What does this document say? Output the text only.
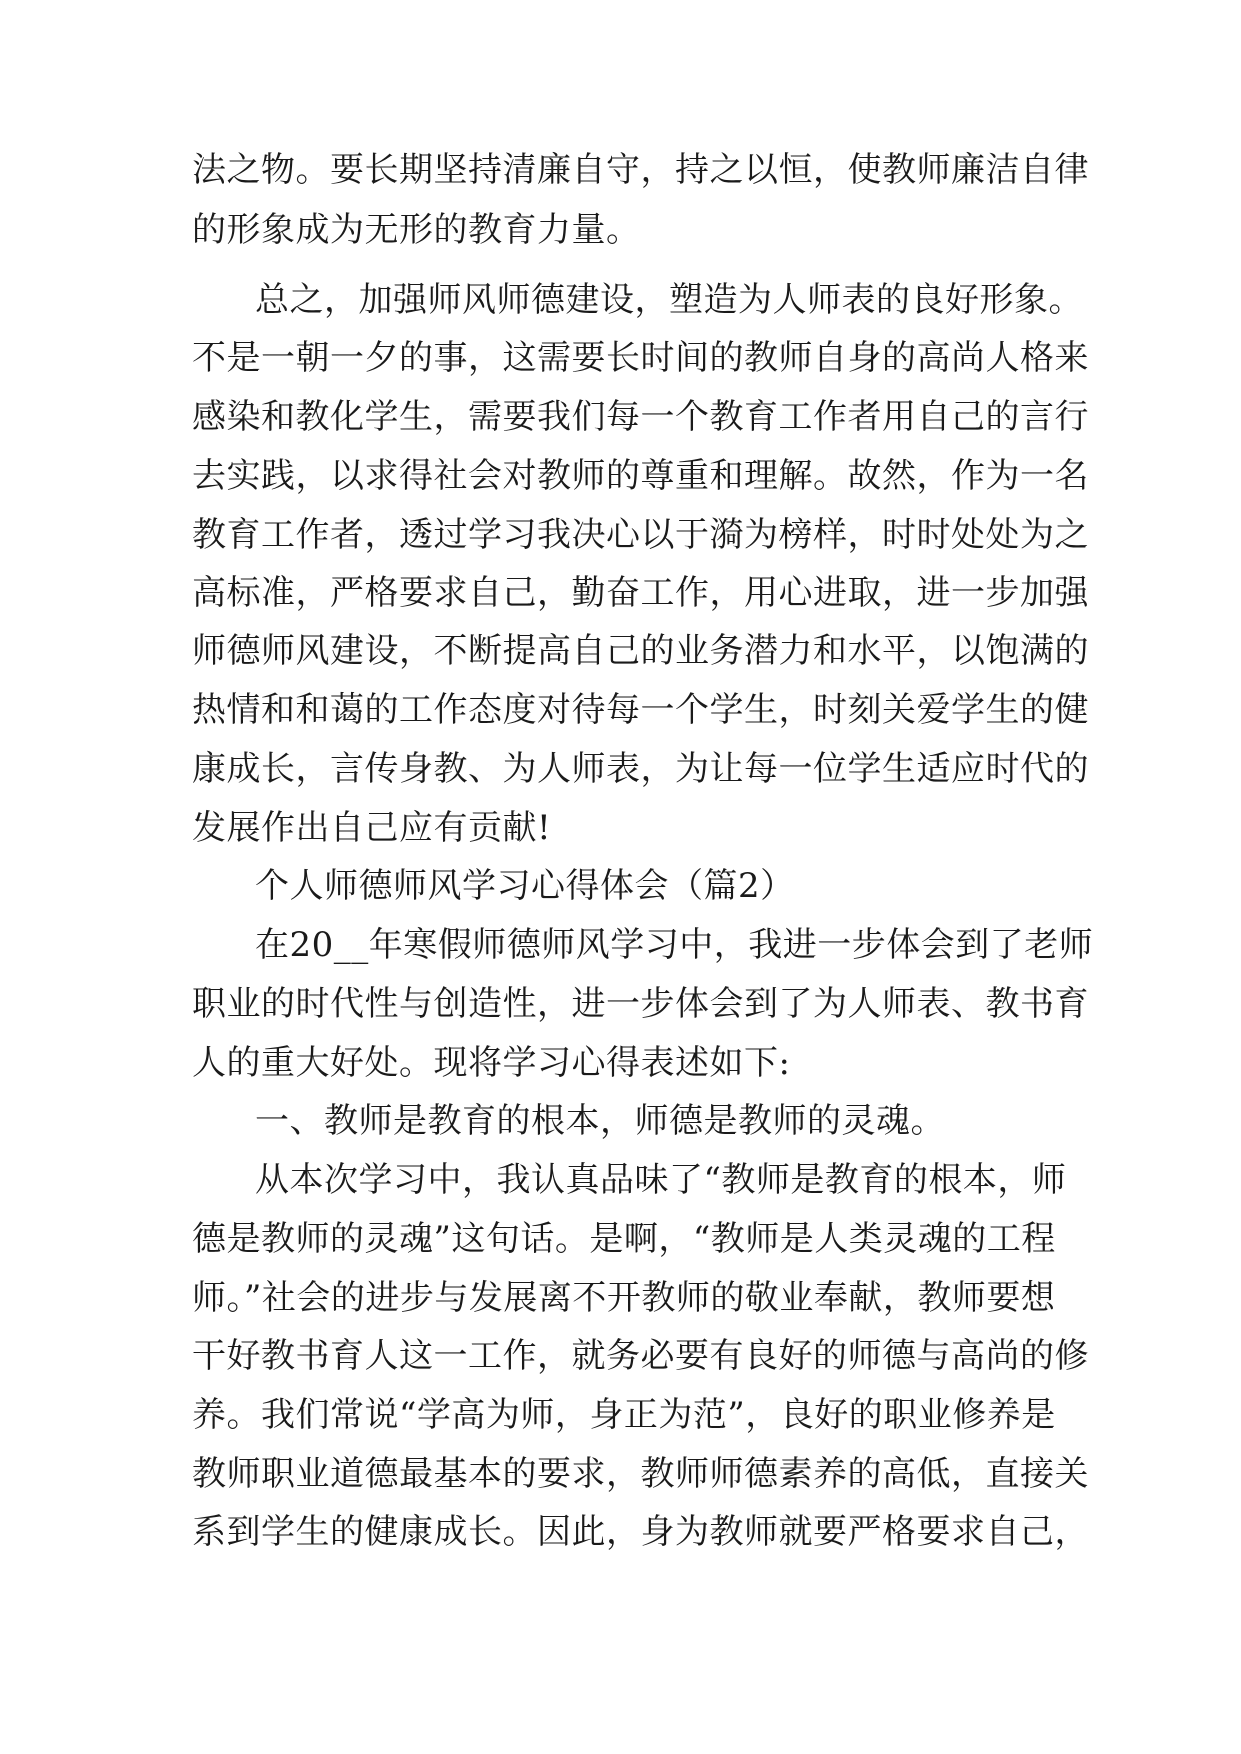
法之物。要长期坚持清廉自守，持之以恒，使教师廉洁自律
的形象成为无形的教育力量。
总之，加强师风师德建设，塑造为人师表的良好形象。
不是一朝一夕的事，这需要长时间的教师自身的高尚人格来
感染和教化学生，需要我们每一个教育工作者用自己的言行
去实践，以求得社会对教师的尊重和理解。故然，作为一名
教育工作者，透过学习我决心以于漪为榜样，时时处处为之
高标准，严格要求自己，勤奋工作，用心进取，进一步加强
师德师风建设，不断提高自己的业务潜力和水平，以饱满的
热情和和蔼的工作态度对待每一个学生，时刻关爱学生的健
康成长，言传身教、为人师表，为让每一位学生适应时代的
发展作出自己应有贡献!
个人师德师风学习心得体会（篇2）
在20__年寒假师德师风学习中，我进一步体会到了老师
职业的时代性与创造性，进一步体会到了为人师表、教书育
人的重大好处。现将学习心得表述如下:
一、教师是教育的根本，师德是教师的灵魂。
从本次学习中，我认真品味了“教师是教育的根本，师
德是教师的灵魂”这句话。是啊，“教师是人类灵魂的工程
师。”社会的进步与发展离不开教师的敬业奉献，教师要想
干好教书育人这一工作，就务必要有良好的师德与高尚的修
养。我们常说“学高为师，身正为范”，良好的职业修养是
教师职业道德最基本的要求，教师师德素养的高低，直接关
系到学生的健康成长。因此，身为教师就要严格要求自己，
